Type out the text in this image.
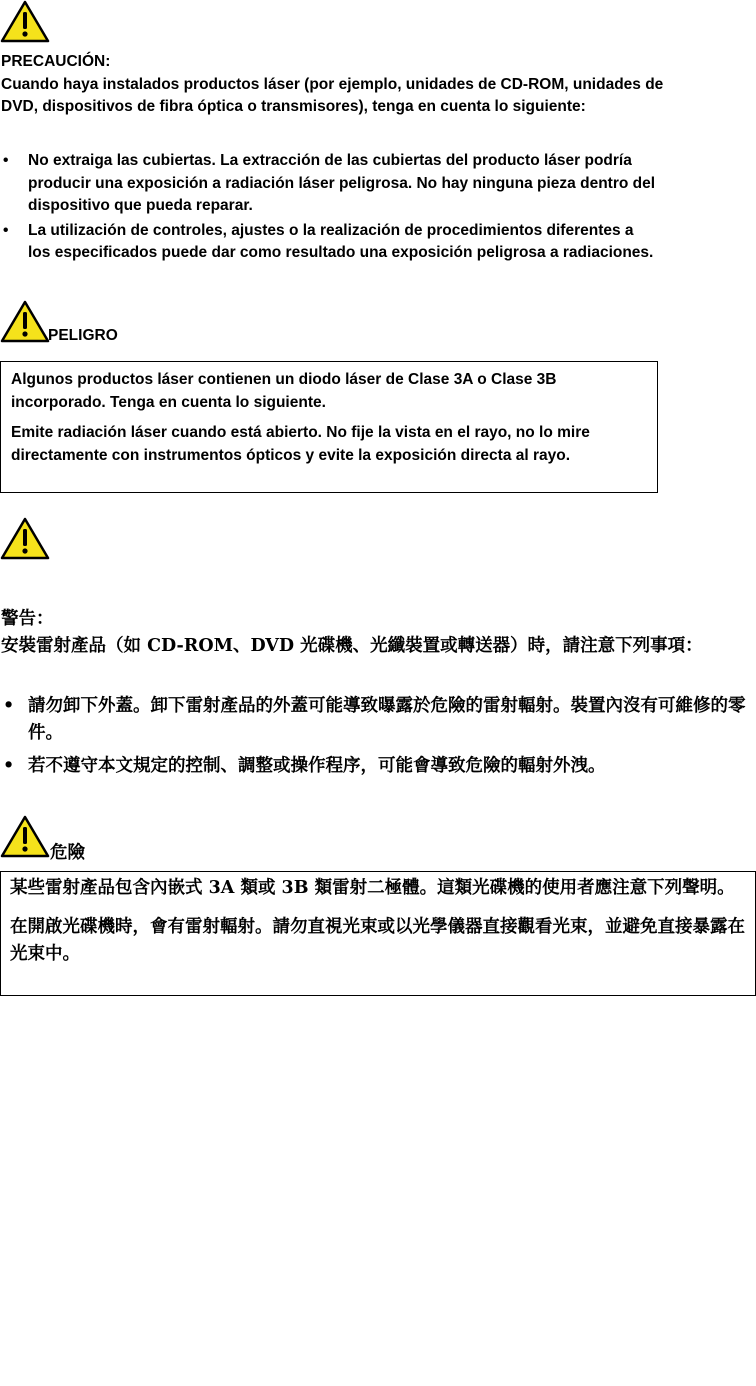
PRECAUCIÓN:
Cuando haya instalados productos láser (por ejemplo, unidades de CD-ROM, unidades de DVD, dispositivos de fibra óptica o transmisores), tenga en cuenta lo siguiente:
• No extraiga las cubiertas. La extracción de las cubiertas del producto láser podría producir una exposición a radiación láser peligrosa. No hay ninguna pieza dentro del dispositivo que pueda reparar.
• La utilización de controles, ajustes o la realización de procedimientos diferentes a los especificados puede dar como resultado una exposición peligrosa a radiaciones.
PELIGRO

Algunos productos láser contienen un diodo láser de Clase 3A o Clase 3B incorporado. Tenga en cuenta lo siguiente.

Emite radiación láser cuando está abierto. No fije la vista en el rayo, no lo mire directamente con instrumentos ópticos y evite la exposición directa al rayo.

警告：
安裝雷射產品（如 CD-ROM、DVD 光碟機、光纖裝置或轉送器）時，請注意下列事項：
• 請勿卸下外蓋。卸下雷射產品的外蓋可能導致曝露於危險的雷射輻射。裝置內沒有可維修的零件。
• 若不遵守本文規定的控制、調整或操作程序，可能會導致危險的輻射外洩。
危險

某些雷射產品包含內嵌式 3A 類或 3B 類雷射二極體。這類光碟機的使用者應注意下列聲明。

在開啟光碟機時，會有雷射輻射。請勿直視光束或以光學儀器直接觀看光束，並避免直接暴露在光束中。
